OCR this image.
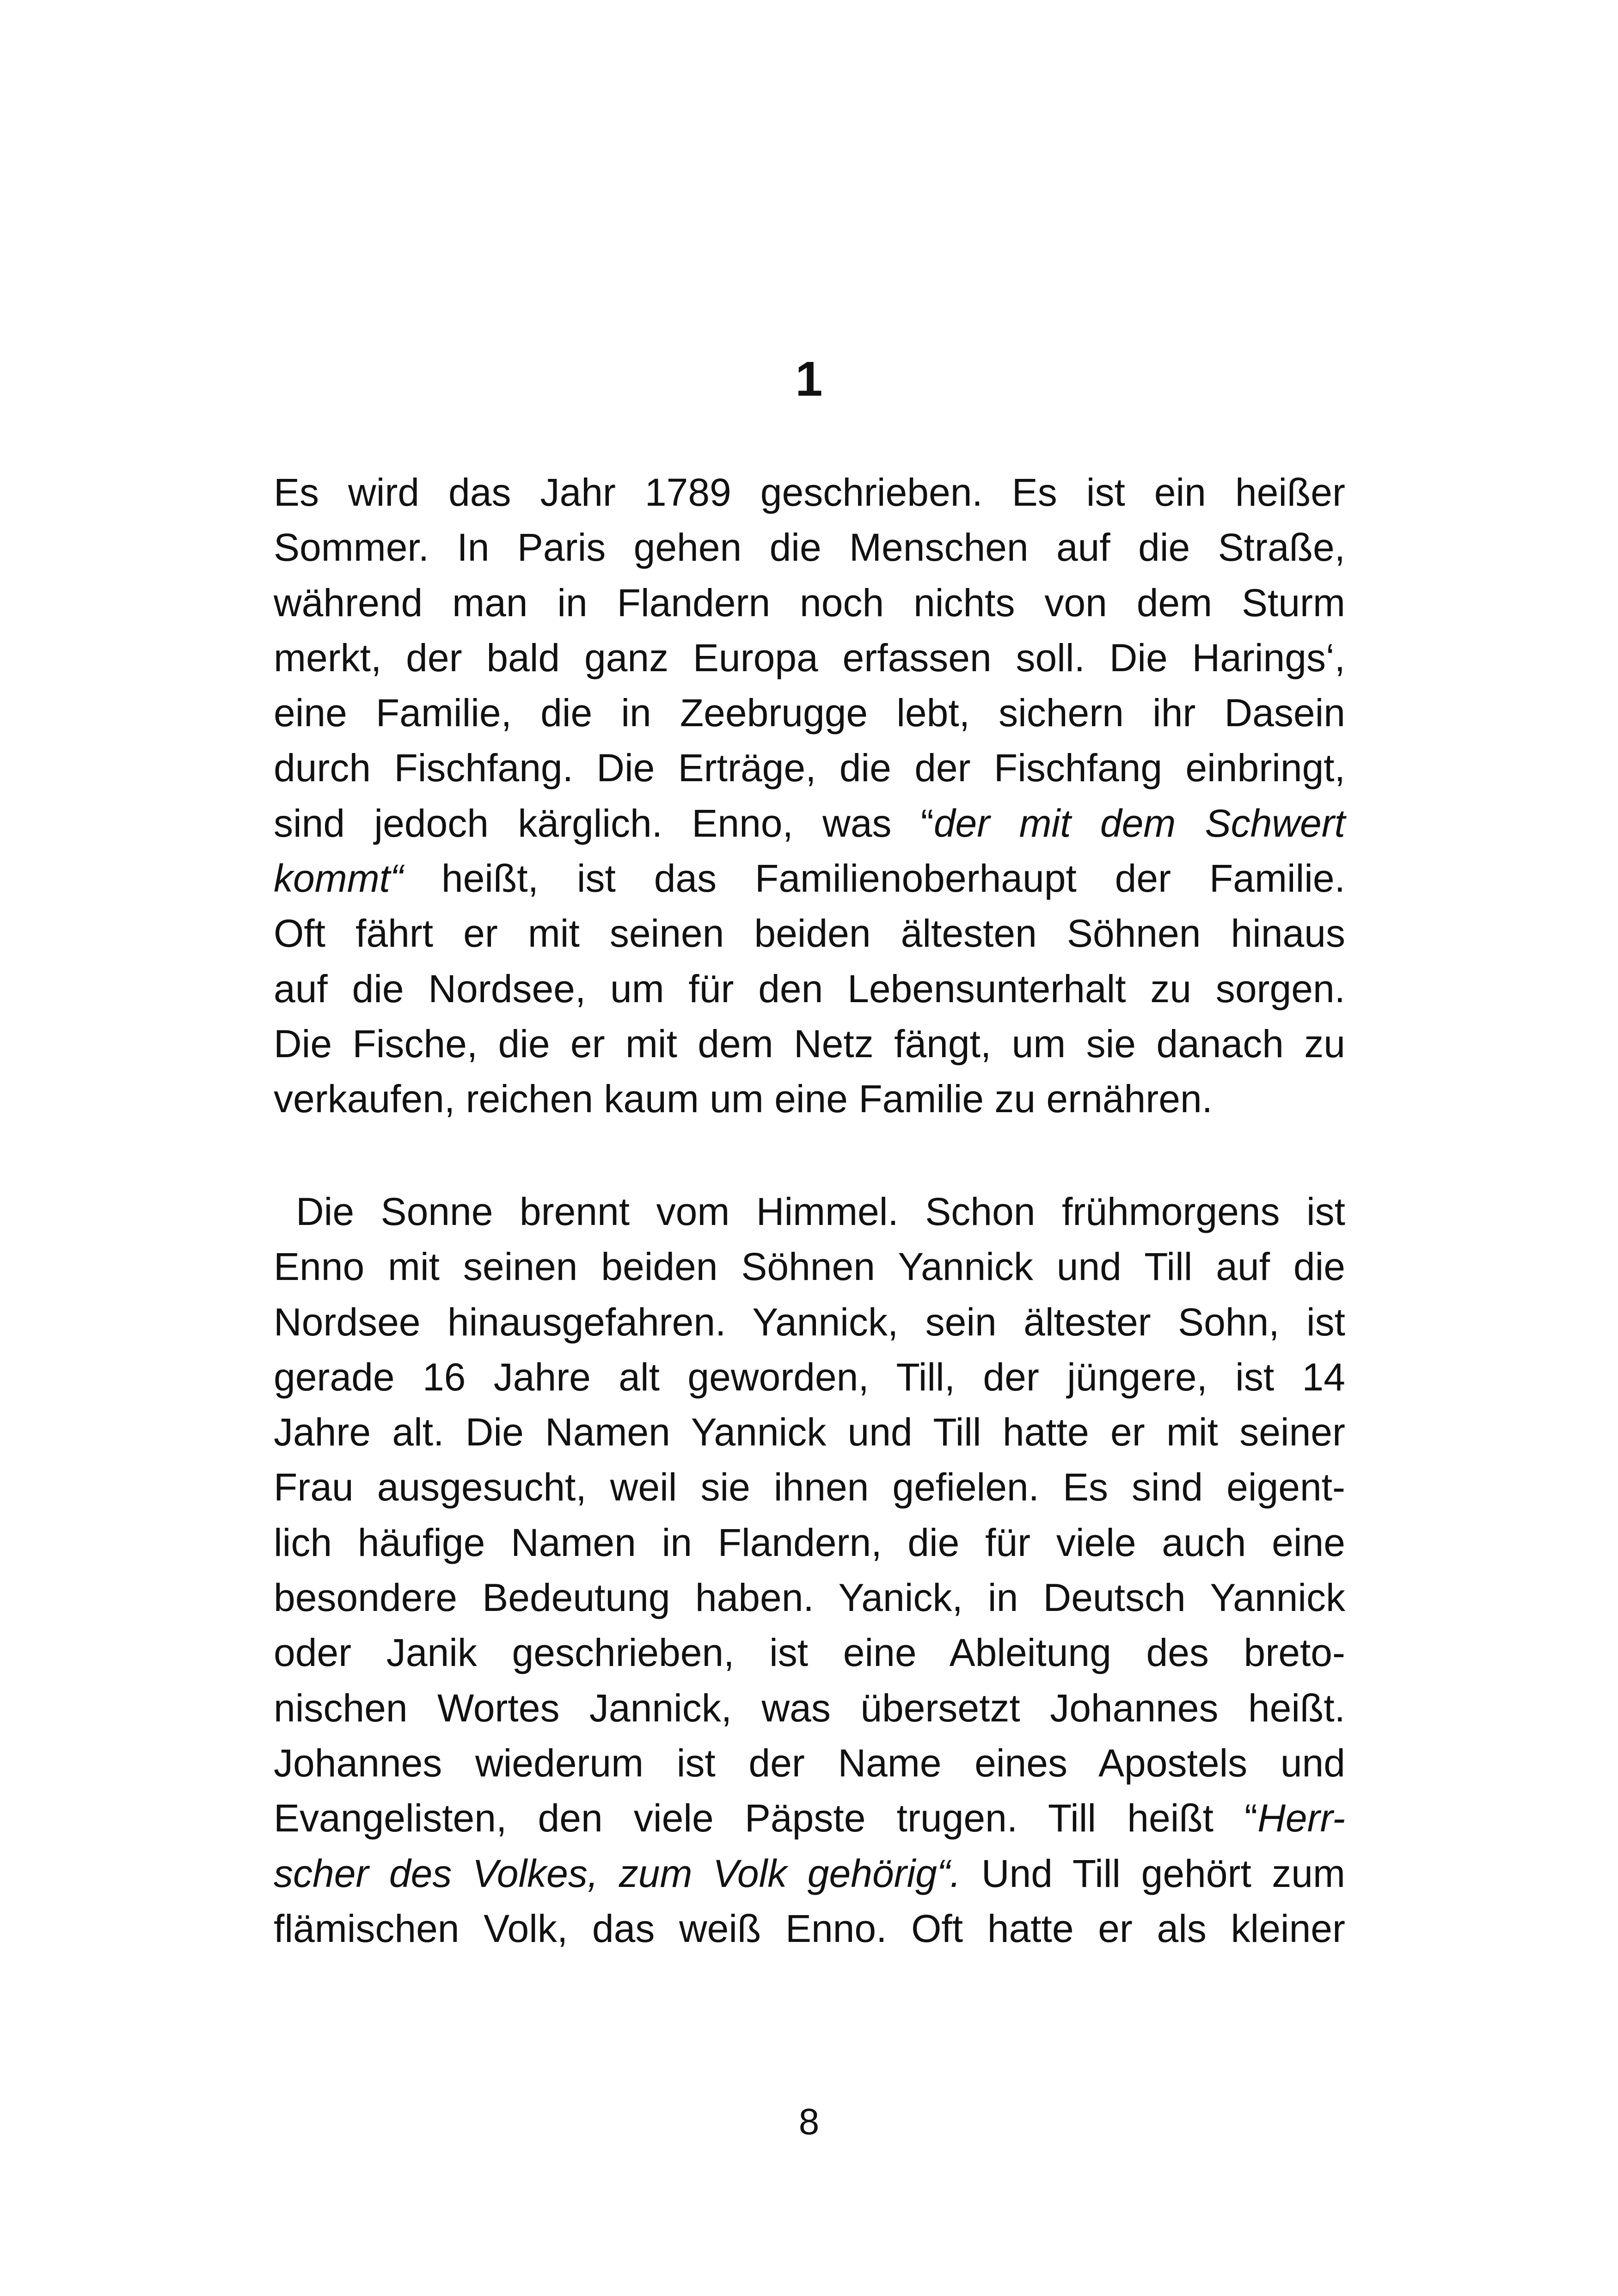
1
Es wird das Jahr 1789 geschrieben. Es ist ein heißer
Sommer. In Paris gehen die Menschen auf die Straße,
während man in Flandern noch nichts von dem Sturm
merkt, der bald ganz Europa erfassen soll. Die Harings‘,
eine Familie, die in Zeebrugge lebt, sichern ihr Dasein
durch Fischfang. Die Erträge, die der Fischfang einbringt,
sind jedoch kärglich. Enno, was “der mit dem Schwert
kommt“ heißt, ist das Familienoberhaupt der Familie.
Oft fährt er mit seinen beiden ältesten Söhnen hinaus
auf die Nordsee, um für den Lebensunterhalt zu sorgen.
Die Fische, die er mit dem Netz fängt, um sie danach zu
verkaufen, reichen kaum um eine Familie zu ernähren.
Die Sonne brennt vom Himmel. Schon frühmorgens ist
Enno mit seinen beiden Söhnen Yannick und Till auf die
Nordsee hinausgefahren. Yannick, sein ältester Sohn, ist
gerade 16 Jahre alt geworden, Till, der jüngere, ist 14
Jahre alt. Die Namen Yannick und Till hatte er mit seiner
Frau ausgesucht, weil sie ihnen gefielen. Es sind eigent-
lich häufige Namen in Flandern, die für viele auch eine
besondere Bedeutung haben. Yanick, in Deutsch Yannick
oder Janik geschrieben, ist eine Ableitung des breto-
nischen Wortes Jannick, was übersetzt Johannes heißt.
Johannes wiederum ist der Name eines Apostels und
Evangelisten, den viele Päpste trugen. Till heißt “Herr-
scher des Volkes, zum Volk gehörig“. Und Till gehört zum
flämischen Volk, das weiß Enno. Oft hatte er als kleiner
8
